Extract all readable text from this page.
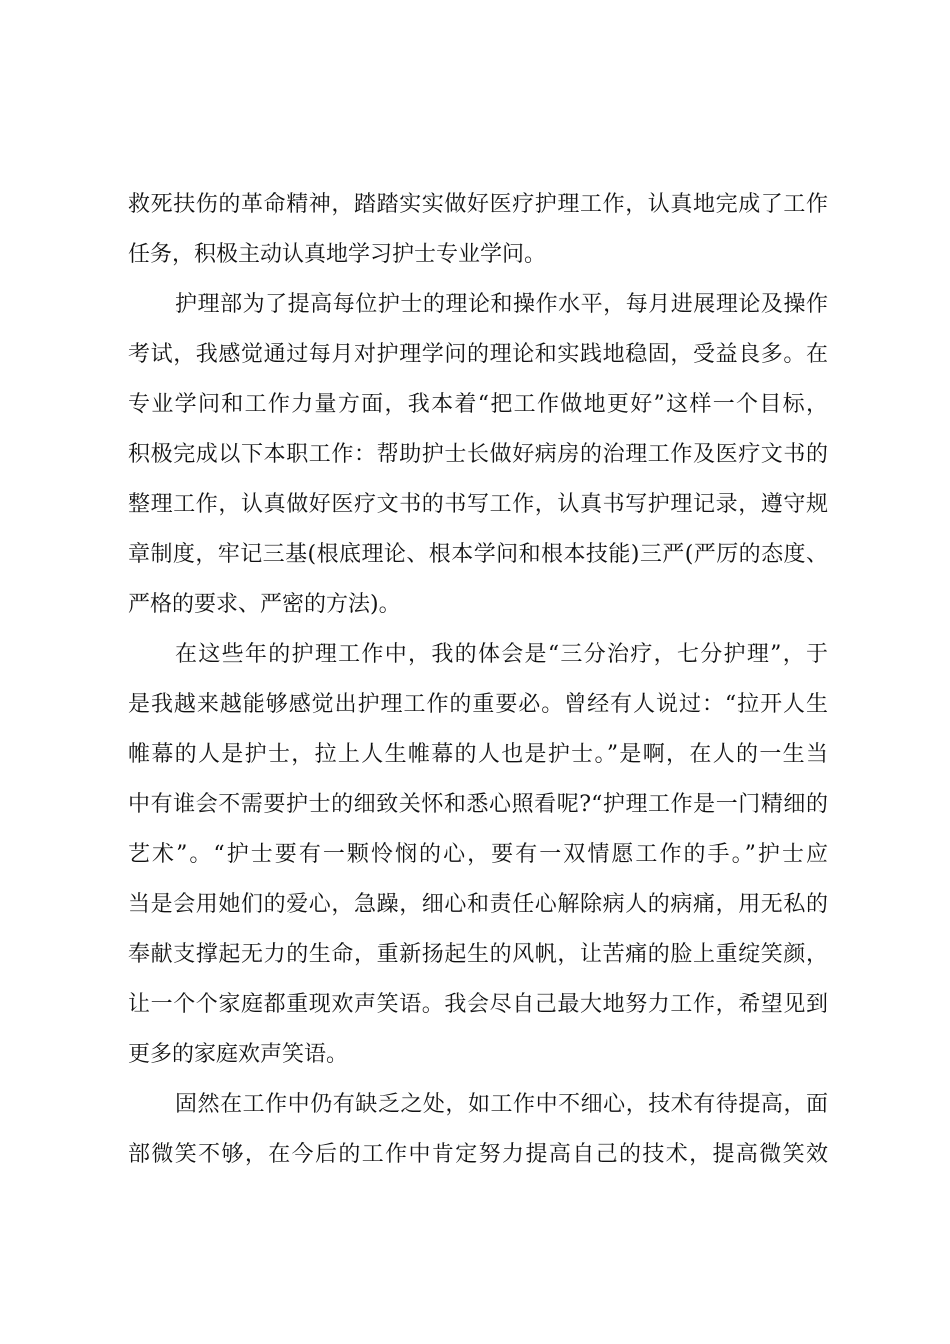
救死扶伤的革命精神，踏踏实实做好医疗护理工作，认真地完成了工作
任务，积极主动认真地学习护士专业学问。
护理部为了提高每位护士的理论和操作水平，每月进展理论及操作
考试，我感觉通过每月对护理学问的理论和实践地稳固，受益良多。在
专业学问和工作力量方面，我本着“把工作做地更好”这样一个目标，
积极完成以下本职工作：帮助护士长做好病房的治理工作及医疗文书的
整理工作，认真做好医疗文书的书写工作，认真书写护理记录，遵守规
章制度，牢记三基(根底理论、根本学问和根本技能)三严(严厉的态度、
严格的要求、严密的方法)。
在这些年的护理工作中，我的体会是“三分治疗，七分护理”，于
是我越来越能够感觉出护理工作的重要必。曾经有人说过：“拉开人生
帷幕的人是护士，拉上人生帷幕的人也是护士。”是啊，在人的一生当
中有谁会不需要护士的细致关怀和悉心照看呢?“护理工作是一门精细的
艺术”。“护士要有一颗怜悯的心，要有一双情愿工作的手。”护士应
当是会用她们的爱心，急躁，细心和责任心解除病人的病痛，用无私的
奉献支撑起无力的生命，重新扬起生的风帆，让苦痛的脸上重绽笑颜，
让一个个家庭都重现欢声笑语。我会尽自己最大地努力工作，希望见到
更多的家庭欢声笑语。
固然在工作中仍有缺乏之处，如工作中不细心，技术有待提高，面
部微笑不够，在今后的工作中肯定努力提高自己的技术，提高微笑效
